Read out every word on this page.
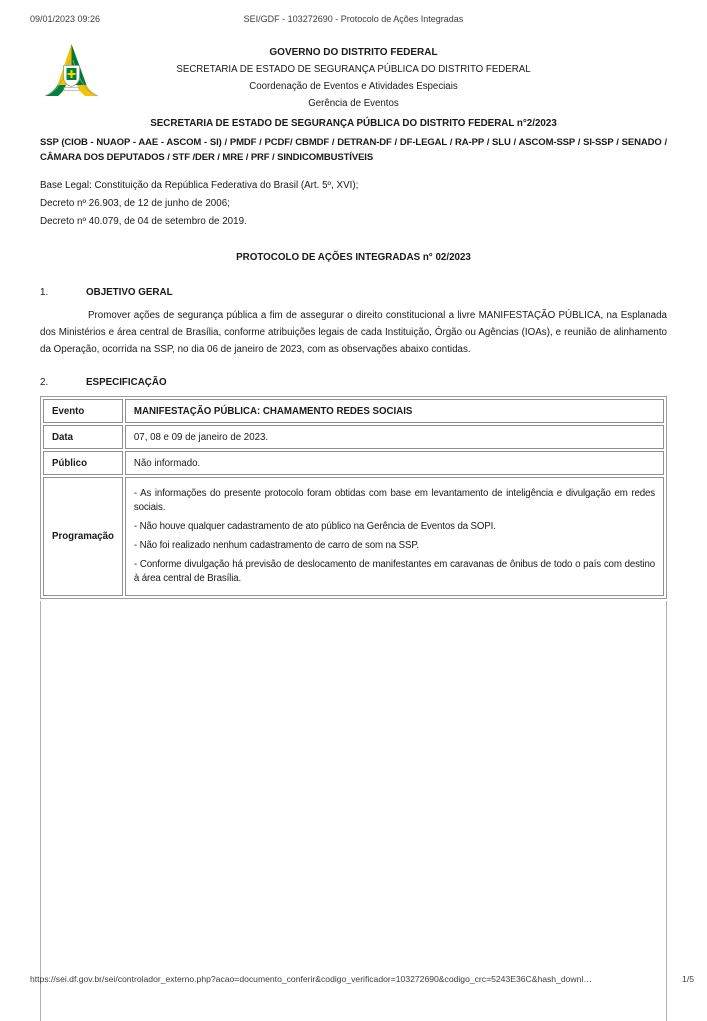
09/01/2023 09:26	SEI/GDF - 103272690 - Protocolo de Ações Integradas
GOVERNO DO DISTRITO FEDERAL
SECRETARIA DE ESTADO DE SEGURANÇA PÚBLICA DO DISTRITO FEDERAL
Coordenação de Eventos e Atividades Especiais
Gerência de Eventos
SECRETARIA DE ESTADO DE SEGURANÇA PÚBLICA DO DISTRITO FEDERAL n°2/2023

SSP (CIOB - NUAOP - AAE - ASCOM - SI) / PMDF / PCDF/ CBMDF / DETRAN-DF / DF-LEGAL / RA-PP / SLU / ASCOM-SSP / SI-SSP / SENADO / CÂMARA DOS DEPUTADOS / STF /DER / MRE / PRF / SINDICOMBUSTÍVEIS

Base Legal: Constituição da República Federativa do Brasil (Art. 5º, XVI);

Decreto nº 26.903, de 12 de junho de 2006;

Decreto nº 40.079, de 04 de setembro de 2019.

PROTOCOLO DE AÇÕES INTEGRADAS n° 02/2023
1.	OBJETIVO GERAL

Promover ações de segurança pública a fim de assegurar o direito constitucional a livre MANIFESTAÇÃO PÚBLICA, na Esplanada dos Ministérios e área central de Brasília, conforme atribuições legais de cada Instituição, Órgão ou Agências (IOAs), e reunião de alinhamento da Operação, ocorrida na SSP, no dia 06 de janeiro de 2023, com as observações abaixo contidas.

2.	ESPECIFICAÇÃO
Evento	MANIFESTAÇÃO PÚBLICA: CHAMAMENTO REDES SOCIAIS
Data	07, 08 e 09 de janeiro de 2023.
Público	Não informado.
Programação	- As informações do presente protocolo foram obtidas com base em levantamento de inteligência e divulgação em redes sociais.

- Não houve qualquer cadastramento de ato público na Gerência de Eventos da SOPI.

- Não foi realizado nenhum cadastramento de carro de som na SSP.

- Conforme divulgação há previsão de deslocamento de manifestantes em caravanas de ônibus de todo o país com destino à área central de Brasília.

https://sei.df.gov.br/sei/controlador_externo.php?acao=documento_conferir&codigo_verificador=103272690&codigo_crc=5243E36C&hash_downl…	1/5
